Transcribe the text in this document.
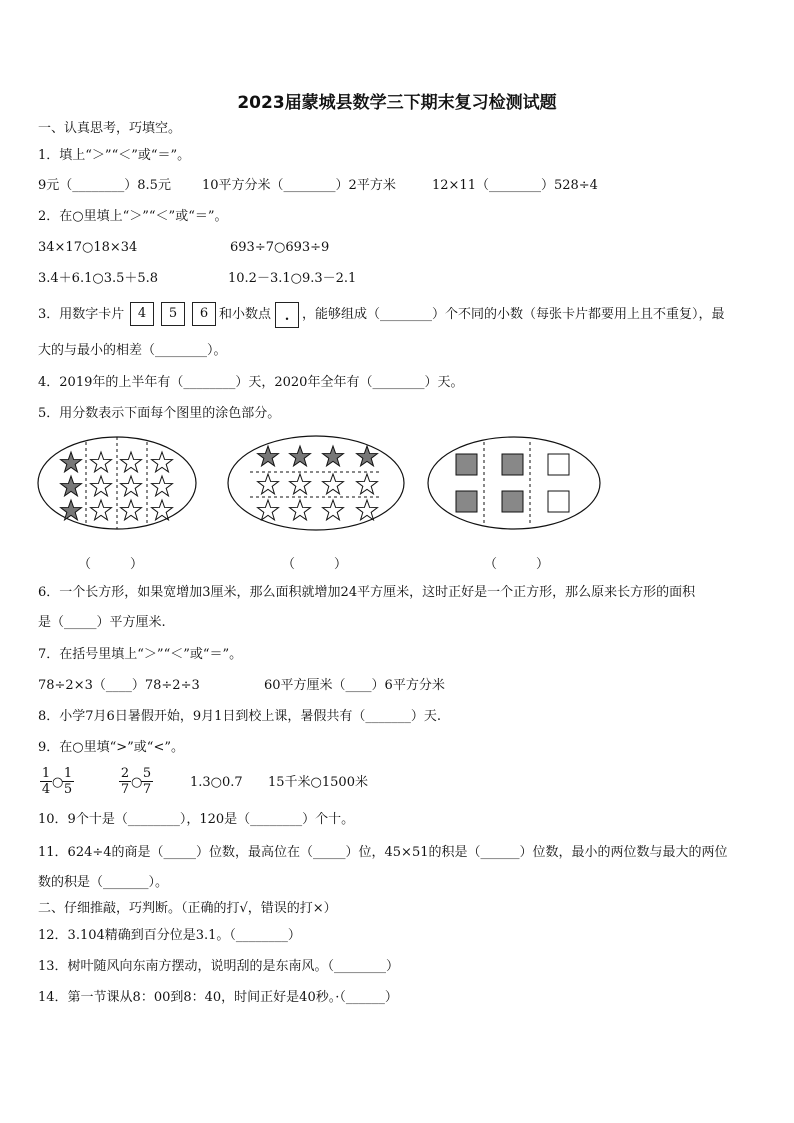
2023届蒙城县数学三下期末复习检测试题
一、认真思考，巧填空。
1．填上“＞”“＜”或“＝”。
9元（________）8.5元 10平方分米（________）2平方米	12×11（________）528÷4
2．在○里填上“＞”“＜”或“＝”。
34×17○18×34	693÷7○693÷9
3.4＋6.1○3.5＋5.8	10.2－3.1○9.3－2.1
3．用数字卡片	4	5	6 和小数点	. ，能够组成（________）个不同的小数（每张卡片都要用上且不重复），最
大的与最小的相差（________）。
4．2019年的上半年有（________）天，2020年全年有（________）天。
5．用分数表示下面每个图里的涂色部分。
（　　　）	（　　　）	（　　　）
6．一个长方形，如果宽增加3厘米，那么面积就增加24平方厘米，这时正好是一个正方形，那么原来长方形的面积
是（_____）平方厘米.
7．在括号里填上“＞”“＜”或“＝”。
78÷2×3（____）78÷2÷3	60平方厘米（____）6平方分米
8．小学7月6日暑假开始，9月1日到校上课，暑假共有（_______）天.
9．在○里填“>”或“<”。
$\frac{1}{4}$ ○
$\frac{1}{5}$	$\frac{2}{7}$ ○
$\frac{5}{7}$	1.3○0.7 15千米○1500米
10．9个十是（________），120是（________）个十。
11．624÷4的商是（_____）位数，最高位在（_____）位，45×51的积是（______）位数，最小的两位数与最大的两位
数的积是（_______）。
二、仔细推敲，巧判断。（正确的打√，错误的打×）
12．3.104精确到百分位是3.1。（________）
13．树叶随风向东南方摆动，说明刮的是东南风。（________）
14．第一节课从8：00到8：40，时间正好是40秒。·（______）
